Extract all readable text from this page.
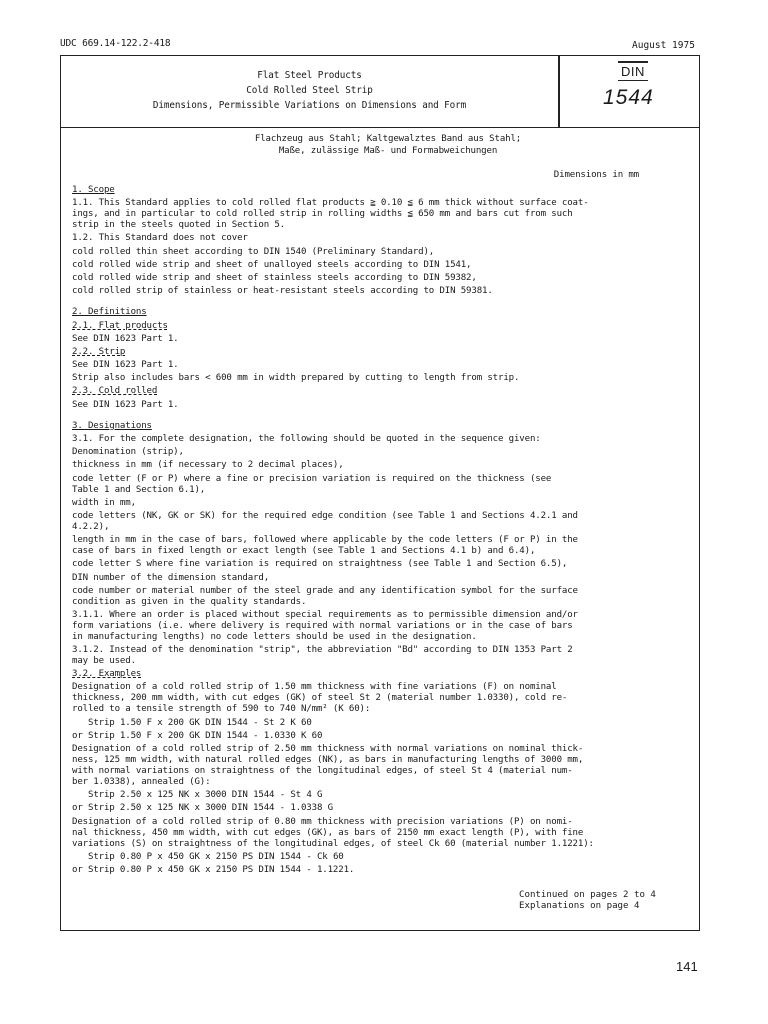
UDC 669.14-122.2-418	August 1975
Flat Steel Products
Cold Rolled Steel Strip
Dimensions, Permissible Variations on Dimensions and Form
DIN
1544
Flachzeug aus Stahl; Kaltgewalztes Band aus Stahl;
Maße, zulässige Maß- und Formabweichungen
Dimensions in mm
1. Scope
1.1. This Standard applies to cold rolled flat products ≧ 0.10 ≦ 6 mm thick without surface coat-
ings, and in particular to cold rolled strip in rolling widths ≦ 650 mm and bars cut from such
strip in the steels quoted in Section 5.
1.2. This Standard does not cover
cold rolled thin sheet according to DIN 1540 (Preliminary Standard),
cold rolled wide strip and sheet of unalloyed steels according to DIN 1541,
cold rolled wide strip and sheet of stainless steels according to DIN 59382,
cold rolled strip of stainless or heat-resistant steels according to DIN 59381.
2. Definitions
2.1. Flat products
See DIN 1623 Part 1.
2.2. Strip
See DIN 1623 Part 1.
Strip also includes bars < 600 mm in width prepared by cutting to length from strip.
2.3. Cold rolled
See DIN 1623 Part 1.
3. Designations
3.1. For the complete designation, the following should be quoted in the sequence given:
Denomination (strip),
thickness in mm (if necessary to 2 decimal places),
code letter (F or P) where a fine or precision variation is required on the thickness (see
Table 1 and Section 6.1),
width in mm,
code letters (NK, GK or SK) for the required edge condition (see Table 1 and Sections 4.2.1 and
4.2.2),
length in mm in the case of bars, followed where applicable by the code letters (F or P) in the
case of bars in fixed length or exact length (see Table 1 and Sections 4.1 b) and 6.4),
code letter S where fine variation is required on straightness (see Table 1 and Section 6.5),
DIN number of the dimension standard,
code number or material number of the steel grade and any identification symbol for the surface
condition as given in the quality standards.
3.1.1. Where an order is placed without special requirements as to permissible dimension and/or
form variations (i.e. where delivery is required with normal variations or in the case of bars
in manufacturing lengths) no code letters should be used in the designation.
3.1.2. Instead of the denomination "strip", the abbreviation "Bd" according to DIN 1353 Part 2
may be used.
3.2. Examples
Designation of a cold rolled strip of 1.50 mm thickness with fine variations (F) on nominal
thickness, 200 mm width, with cut edges (GK) of steel St 2 (material number 1.0330), cold re-
rolled to a tensile strength of 590 to 740 N/mm² (K 60):
Strip 1.50 F x 200 GK DIN 1544 - St 2 K 60
or Strip 1.50 F x 200 GK DIN 1544 - 1.0330 K 60
Designation of a cold rolled strip of 2.50 mm thickness with normal variations on nominal thick-
ness, 125 mm width, with natural rolled edges (NK), as bars in manufacturing lengths of 3000 mm,
with normal variations on straightness of the longitudinal edges, of steel St 4 (material num-
ber 1.0338), annealed (G):
Strip 2.50 x 125 NK x 3000 DIN 1544 - St 4 G
or Strip 2.50 x 125 NK x 3000 DIN 1544 - 1.0338 G
Designation of a cold rolled strip of 0.80 mm thickness with precision variations (P) on nomi-
nal thickness, 450 mm width, with cut edges (GK), as bars of 2150 mm exact length (P), with fine
variations (S) on straightness of the longitudinal edges, of steel Ck 60 (material number 1.1221):
Strip 0.80 P x 450 GK x 2150 PS DIN 1544 - Ck 60
or Strip 0.80 P x 450 GK x 2150 PS DIN 1544 - 1.1221.
Continued on pages 2 to 4
Explanations on page 4
141
